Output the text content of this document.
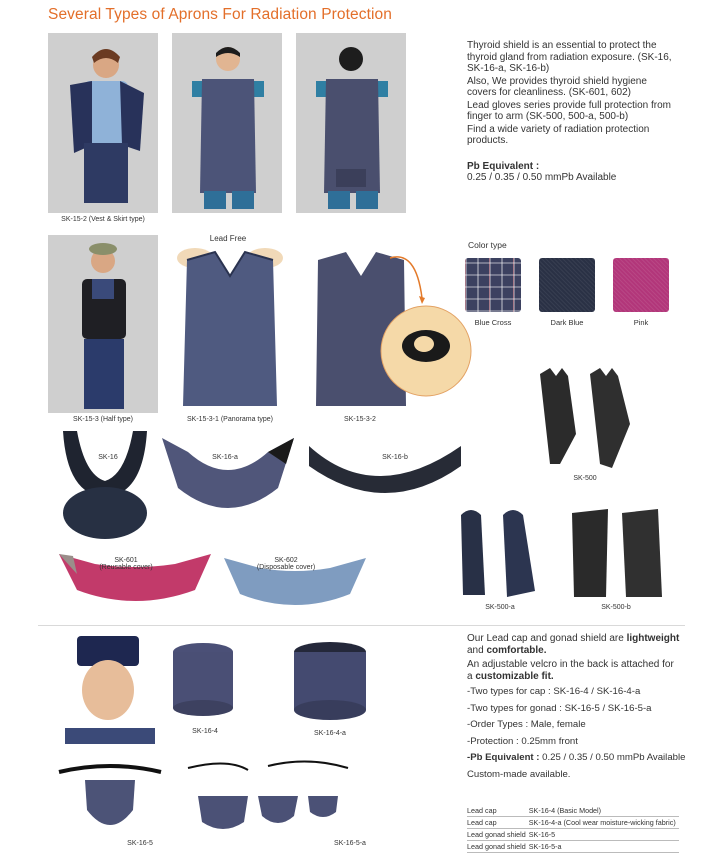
Several Types of Aprons For Radiation Protection
SK-15-2 (Vest & Skirt type)

Thyroid shield is an essential to protect the thyroid gland from radiation exposure. (SK-16, SK-16-a, SK-16-b)

Also, We provides thyroid shield hygiene covers for cleanliness. (SK-601, 602)

Lead gloves series provide full protection from finger to arm (SK-500, 500-a, 500-b)

Find a wide variety of radiation protection products.

Pb Equivalent :

0.25 / 0.35 / 0.50 mmPb Available

SK-15-3 (Half type)
Lead Free
SK-15-3-1 (Panorama type)	SK-15-3-2
Color type
Blue Cross	Dark Blue	Pink
SK-500
SK-16	SK-16-a	SK-16-b
SK-601
(Reusable cover)
SK-602
(Disposable cover)
SK-500-a	SK-500-b
SK-16-4	SK-16-4-a
SK-16-5	SK-16-5-a

Our Lead cap and gonad shield are lightweight and comfortable.

An adjustable velcro in the back is attached for a customizable fit.

-Two types for cap : SK-16-4 / SK-16-4-a
-Two types for gonad : SK-16-5 / SK-16-5-a
-Order Types : Male, female
-Protection : 0.25mm front
-Pb Equivalent : 0.25 / 0.35 / 0.50 mmPb Available
Custom-made available.
Lead cap	SK-16-4 (Basic Model)
Lead cap	SK-16-4-a (Cool wear moisture-wicking fabric)
Lead gonad shield	SK-16-5
Lead gonad shield	SK-16-5-a
